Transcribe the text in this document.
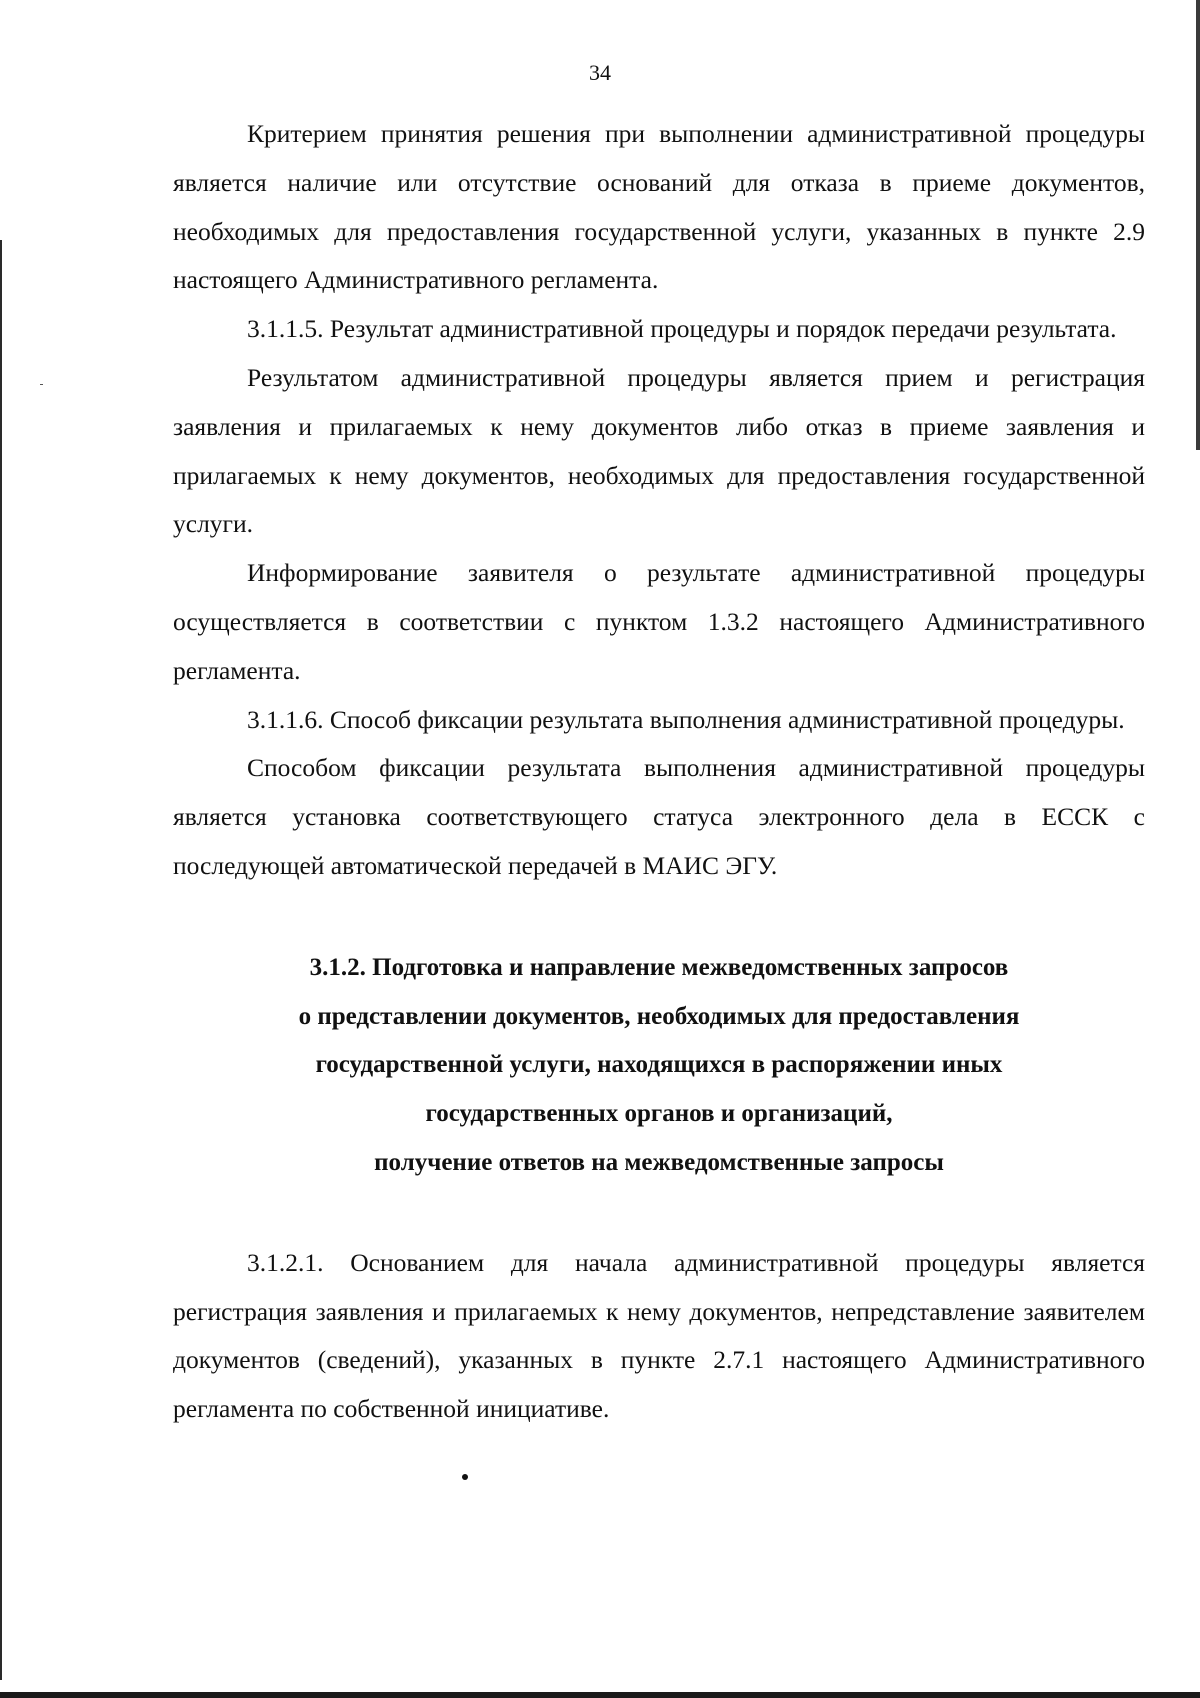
34

Критерием принятия решения при выполнении административной процедуры является наличие или отсутствие оснований для отказа в приеме документов, необходимых для предоставления государственной услуги, указанных в пункте 2.9 настоящего Административного регламента.

3.1.1.5. Результат административной процедуры и порядок передачи результата.

Результатом административной процедуры является прием и регистрация заявления и прилагаемых к нему документов либо отказ в приеме заявления и прилагаемых к нему документов, необходимых для предоставления государственной услуги.

Информирование заявителя о результате административной процедуры осуществляется в соответствии с пунктом 1.3.2 настоящего Административного регламента.

3.1.1.6. Способ фиксации результата выполнения административной процедуры.

Способом фиксации результата выполнения административной процедуры является установка соответствующего статуса электронного дела в ЕССК с последующей автоматической передачей в МАИС ЭГУ.

3.1.2. Подготовка и направление межведомственных запросов
о представлении документов, необходимых для предоставления
государственной услуги, находящихся в распоряжении иных
государственных органов и организаций,
получение ответов на межведомственные запросы

3.1.2.1. Основанием для начала административной процедуры является регистрация заявления и прилагаемых к нему документов, непредставление заявителем документов (сведений), указанных в пункте 2.7.1 настоящего Административного регламента по собственной инициативе.
